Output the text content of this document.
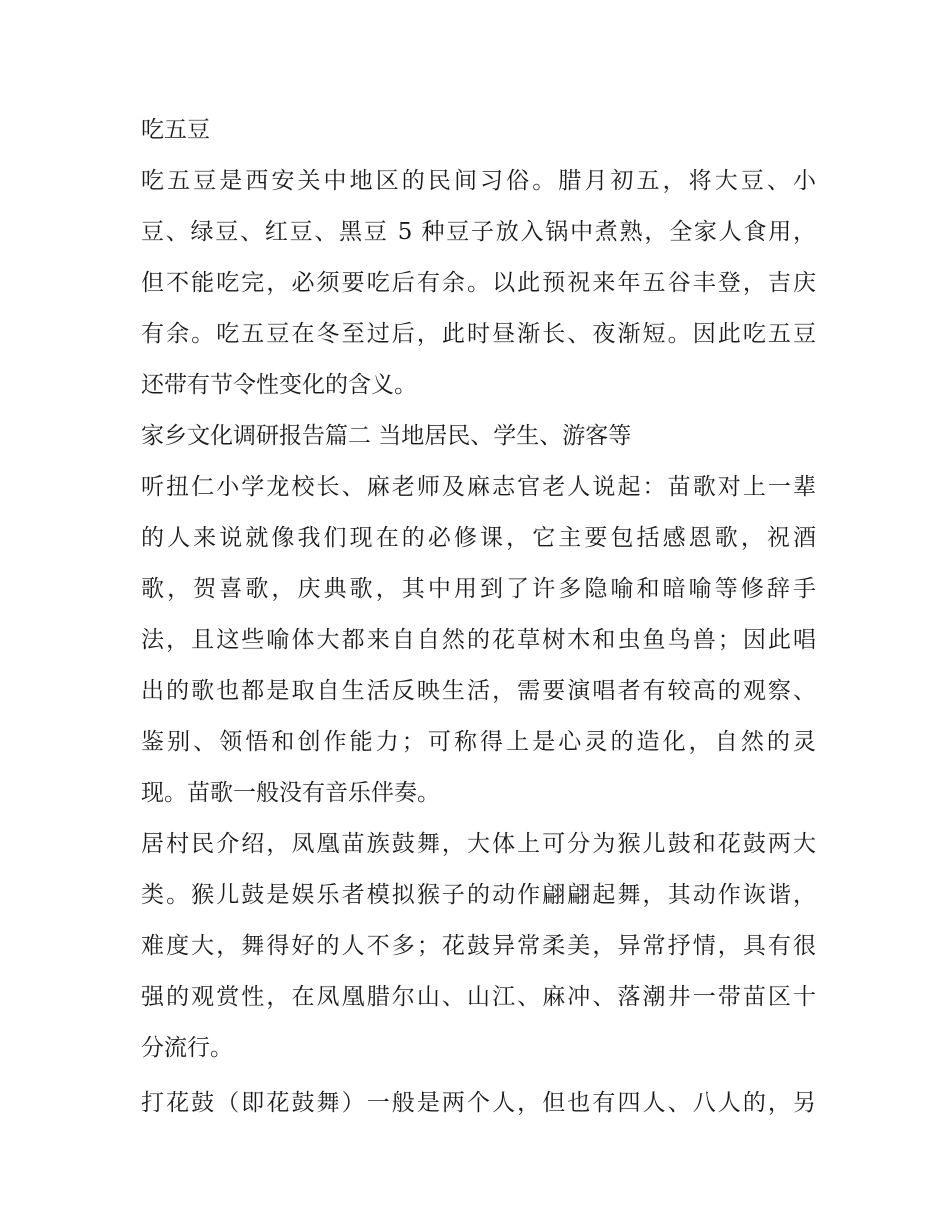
吃五豆
吃五豆是西安关中地区的民间习俗。腊月初五，将大豆、小
豆、绿豆、红豆、黑豆 5 种豆子放入锅中煮熟，全家人食用，
但不能吃完，必须要吃后有余。以此预祝来年五谷丰登，吉庆
有余。吃五豆在冬至过后，此时昼渐长、夜渐短。因此吃五豆
还带有节令性变化的含义。
家乡文化调研报告篇二 当地居民、学生、游客等
听扭仁小学龙校长、麻老师及麻志官老人说起：苗歌对上一辈
的人来说就像我们现在的必修课，它主要包括感恩歌，祝酒
歌，贺喜歌，庆典歌，其中用到了许多隐喻和暗喻等修辞手
法，且这些喻体大都来自自然的花草树木和虫鱼鸟兽；因此唱
出的歌也都是取自生活反映生活，需要演唱者有较高的观察、
鉴别、领悟和创作能力；可称得上是心灵的造化，自然的灵
现。苗歌一般没有音乐伴奏。
居村民介绍，凤凰苗族鼓舞，大体上可分为猴儿鼓和花鼓两大
类。猴儿鼓是娱乐者模拟猴子的动作翩翩起舞，其动作诙谐，
难度大，舞得好的人不多；花鼓异常柔美，异常抒情，具有很
强的观赏性，在凤凰腊尔山、山江、麻冲、落潮井一带苗区十
分流行。
打花鼓（即花鼓舞）一般是两个人，但也有四人、八人的，另
